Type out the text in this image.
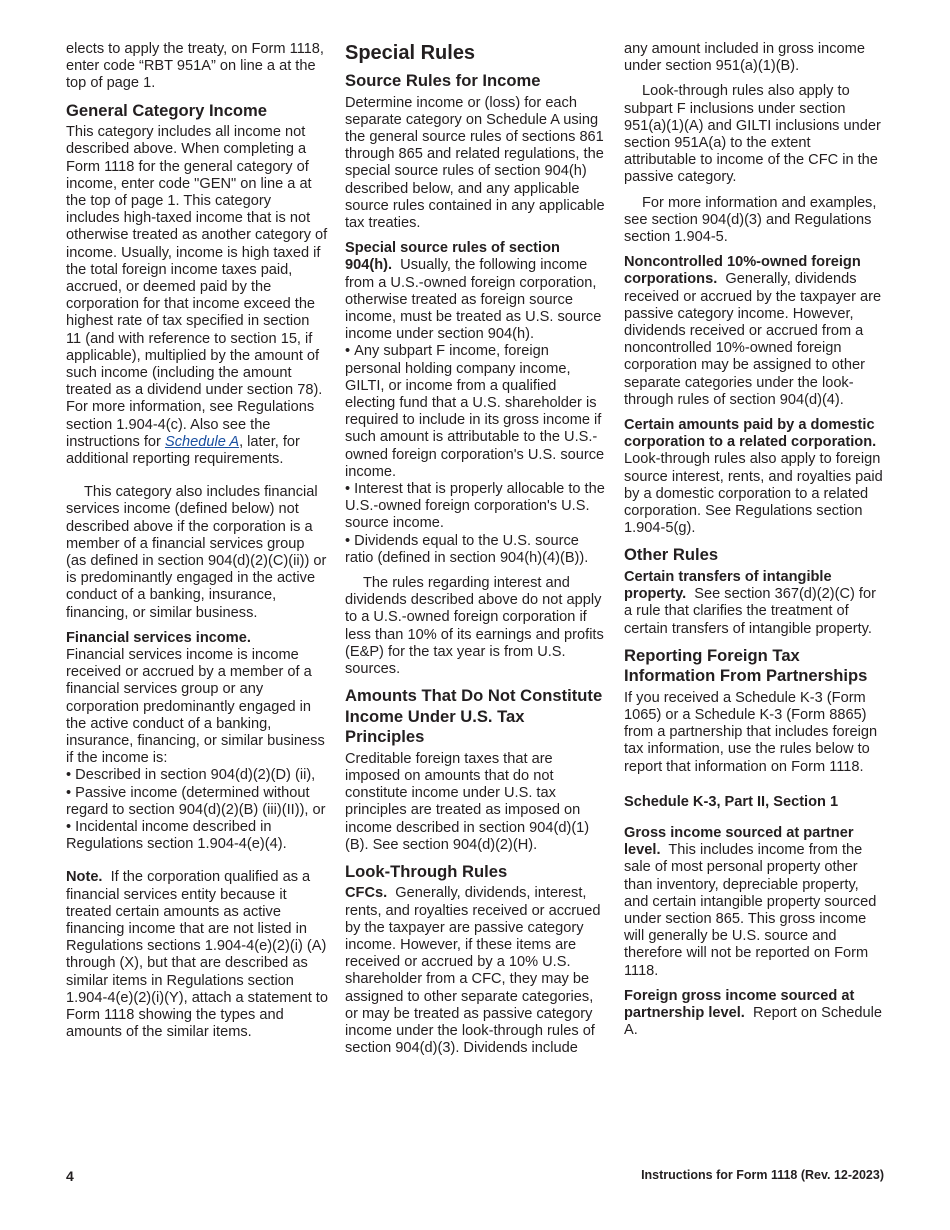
elects to apply the treaty, on Form 1118, enter code “RBT 951A” on line a at the top of page 1.

General Category Income

This category includes all income not described above. When completing a Form 1118 for the general category of income, enter code "GEN" on line a at the top of page 1. This category includes high-taxed income that is not otherwise treated as another category of income. Usually, income is high taxed if the total foreign income taxes paid, accrued, or deemed paid by the corporation for that income exceed the highest rate of tax specified in section 11 (and with reference to section 15, if applicable), multiplied by the amount of such income (including the amount treated as a dividend under section 78). For more information, see Regulations section 1.904-4(c). Also see the instructions for Schedule A, later, for additional reporting requirements.

This category also includes financial services income (defined below) not described above if the corporation is a member of a financial services group (as defined in section 904(d)(2)(C)(ii)) or is predominantly engaged in the active conduct of a banking, insurance, financing, or similar business.

Financial services income.
Financial services income is income received or accrued by a member of a financial services group or any corporation predominantly engaged in the active conduct of a banking, insurance, financing, or similar business if the income is:
• Described in section 904(d)(2)(D) (ii),
• Passive income (determined without regard to section 904(d)(2)(B) (iii)(II)), or
• Incidental income described in Regulations section 1.904-4(e)(4).

Note. If the corporation qualified as a financial services entity because it treated certain amounts as active financing income that are not listed in Regulations sections 1.904-4(e)(2)(i) (A) through (X), but that are described as similar items in Regulations section 1.904-4(e)(2)(i)(Y), attach a statement to Form 1118 showing the types and amounts of the similar items.

Special Rules
Source Rules for Income

Determine income or (loss) for each separate category on Schedule A using the general source rules of sections 861 through 865 and related regulations, the special source rules of section 904(h) described below, and any applicable source rules contained in any applicable tax treaties.

Special source rules of section 904(h). Usually, the following income from a U.S.-owned foreign corporation, otherwise treated as foreign source income, must be treated as U.S. source income under section 904(h).
• Any subpart F income, foreign personal holding company income, GILTI, or income from a qualified electing fund that a U.S. shareholder is required to include in its gross income if such amount is attributable to the U.S.-owned foreign corporation's U.S. source income.
• Interest that is properly allocable to the U.S.-owned foreign corporation's U.S. source income.
• Dividends equal to the U.S. source ratio (defined in section 904(h)(4)(B)).

The rules regarding interest and dividends described above do not apply to a U.S.-owned foreign corporation if less than 10% of its earnings and profits (E&P) for the tax year is from U.S. sources.

Amounts That Do Not Constitute Income Under U.S. Tax Principles

Creditable foreign taxes that are imposed on amounts that do not constitute income under U.S. tax principles are treated as imposed on income described in section 904(d)(1) (B). See section 904(d)(2)(H).

Look-Through Rules

CFCs. Generally, dividends, interest, rents, and royalties received or accrued by the taxpayer are passive category income. However, if these items are received or accrued by a 10% U.S. shareholder from a CFC, they may be assigned to other separate categories, or may be treated as passive category income under the look-through rules of section 904(d)(3). Dividends include

any amount included in gross income under section 951(a)(1)(B).

Look-through rules also apply to subpart F inclusions under section 951(a)(1)(A) and GILTI inclusions under section 951A(a) to the extent attributable to income of the CFC in the passive category.

For more information and examples, see section 904(d)(3) and Regulations section 1.904-5.

Noncontrolled 10%-owned foreign corporations. Generally, dividends received or accrued by the taxpayer are passive category income. However, dividends received or accrued from a noncontrolled 10%-owned foreign corporation may be assigned to other separate categories under the look-through rules of section 904(d)(4).

Certain amounts paid by a domestic corporation to a related corporation.  Look-through rules also apply to foreign source interest, rents, and royalties paid by a domestic corporation to a related corporation. See Regulations section 1.904-5(g).

Other Rules

Certain transfers of intangible property. See section 367(d)(2)(C) for a rule that clarifies the treatment of certain transfers of intangible property.

Reporting Foreign Tax Information From Partnerships

If you received a Schedule K-3 (Form 1065) or a Schedule K-3 (Form 8865) from a partnership that includes foreign tax information, use the rules below to report that information on Form 1118.

Schedule K-3, Part II, Section 1

Gross income sourced at partner level. This includes income from the sale of most personal property other than inventory, depreciable property, and certain intangible property sourced under section 865. This gross income will generally be U.S. source and therefore will not be reported on Form 1118.

Foreign gross income sourced at partnership level. Report on Schedule A.

4	Instructions for Form 1118 (Rev. 12-2023)
